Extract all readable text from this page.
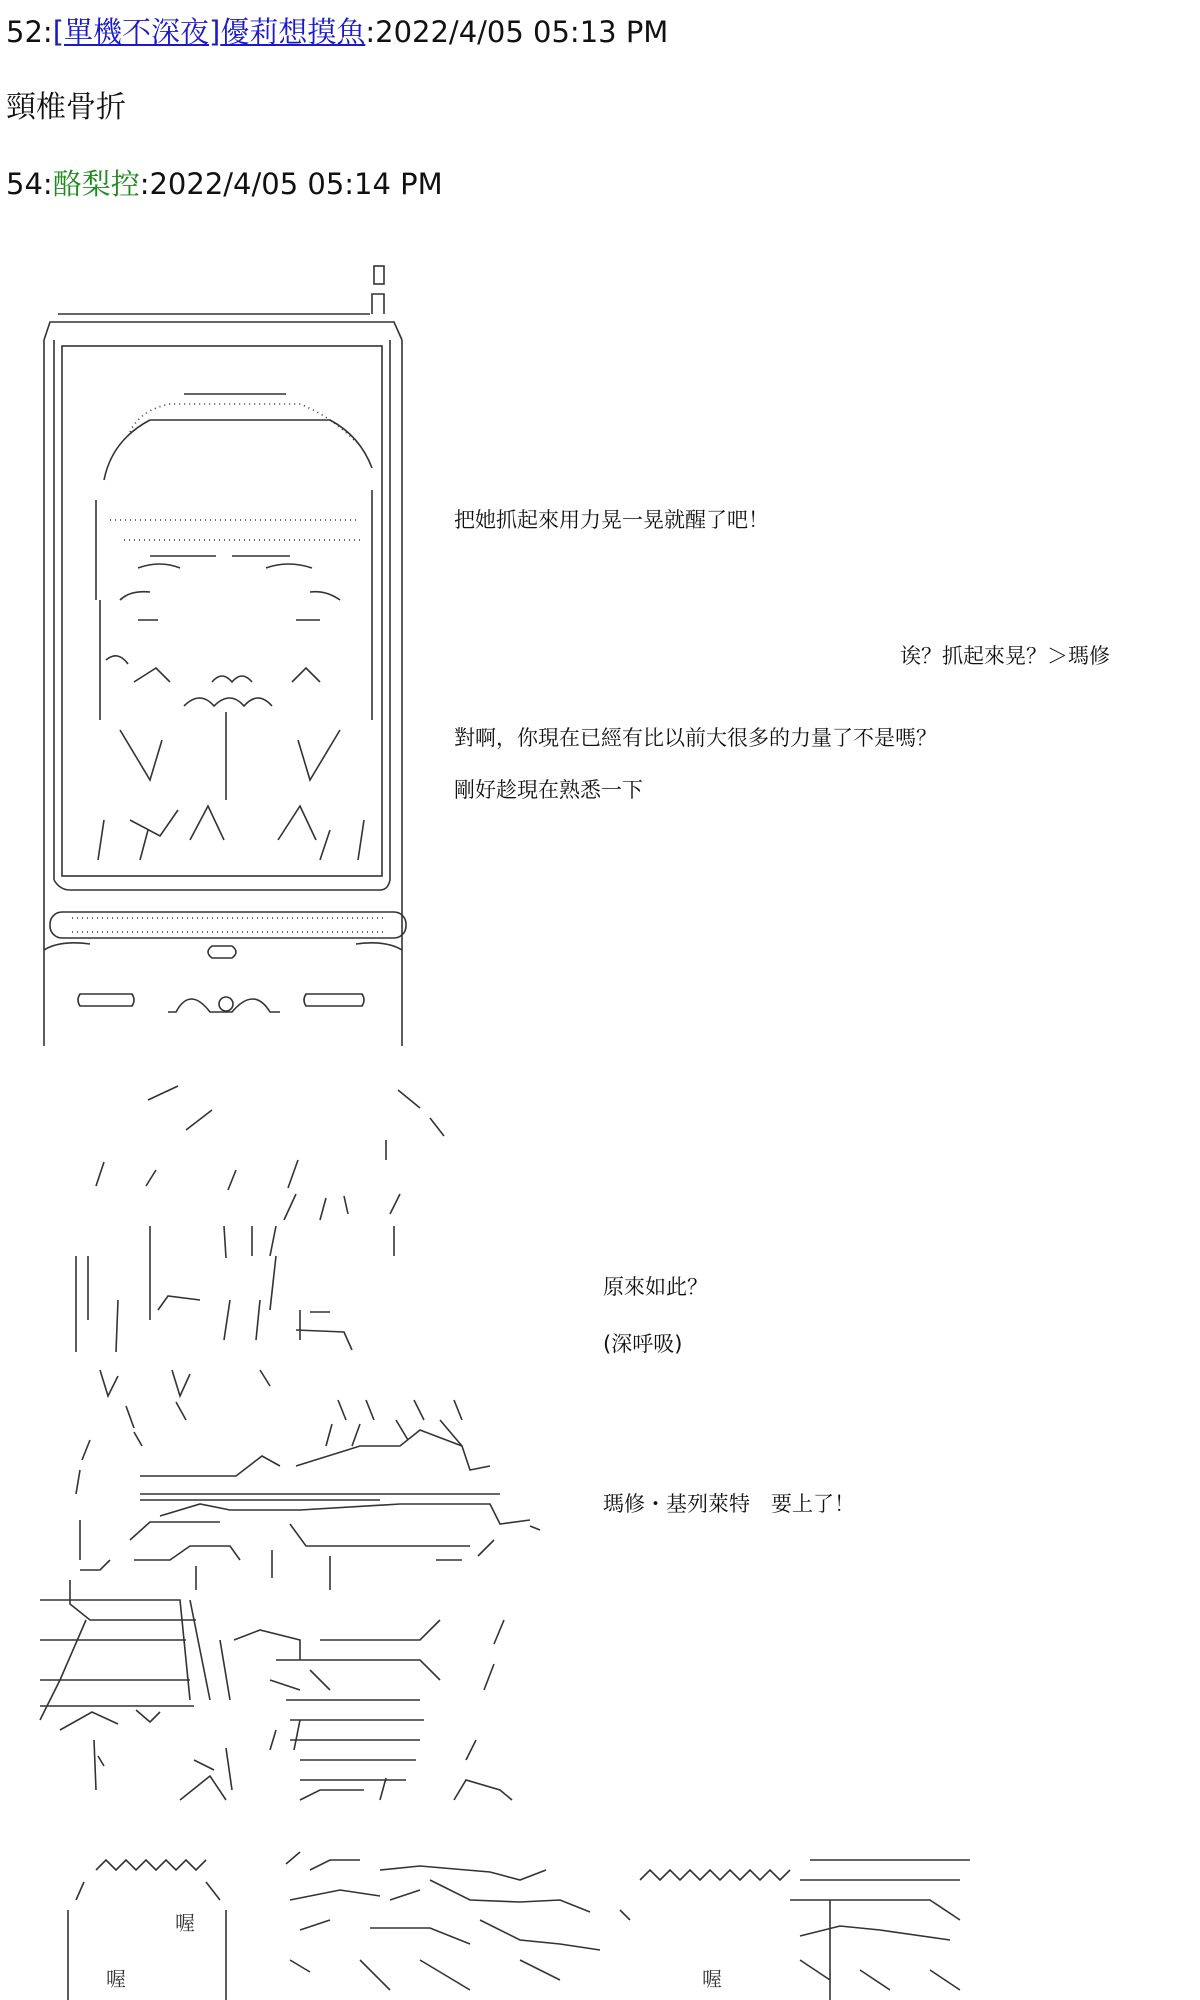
52:[單機不深夜]優莉想摸魚:2022/4/05 05:13 PM
頸椎骨折
54:酪梨控:2022/4/05 05:14 PM
喔
喔	喔
把她抓起來用力晃一晃就醒了吧！
诶？抓起來晃？＞瑪修
對啊，你現在已經有比以前大很多的力量了不是嗎？
剛好趁現在熟悉一下
原來如此？
(深呼吸)
瑪修・基列萊特　要上了！
